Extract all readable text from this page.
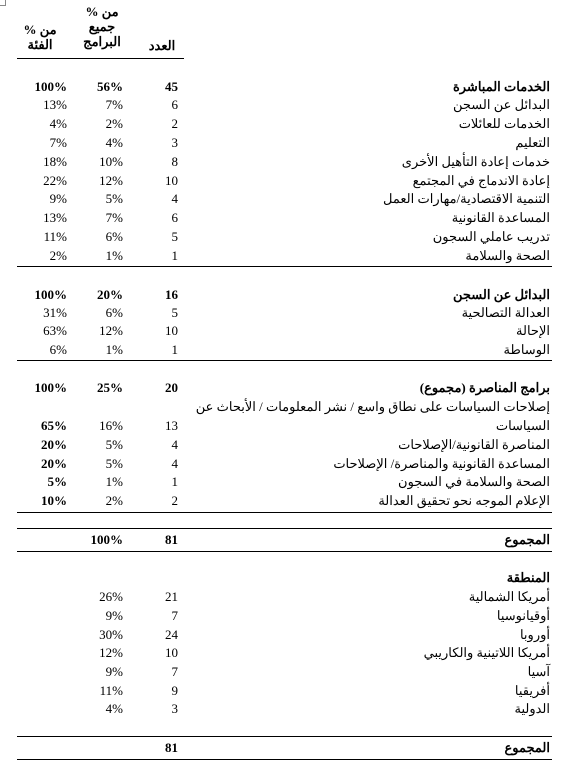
% من الفئة
% من جميع البرامج	العدد
الخدمات المباشرة
45
56%
100%
البدائل عن السجن
6
7%
13%
الخدمات للعائلات
2
2%
4%
التعليم
3
4%
7%
خدمات إعادة التأهيل الأخرى
8
10%
18%
إعادة الاندماج في المجتمع
10
12%
22%
التنمية الاقتصادية/مهارات العمل
4
5%
9%
المساعدة القانونية
6
7%
13%
تدريب عاملي السجون
5
6%
11%
الصحة والسلامة
1
1%
2%
البدائل عن السجن
16
20%
100%
العدالة التصالحية
5
6%
31%
الإحالة
10
12%
63%
الوساطة
1
1%
6%
برامج المناصرة (مجموع)
20
25%
100%
إصلاحات السياسات على نطاق واسع / نشر المعلومات / الأبحاث عن
السياسات
13
16%
65%
المناصرة القانونية/الإصلاحات
4
5%
20%
المساعدة القانونية والمناصرة/ الإصلاحات
4
5%
20%
الصحة والسلامة في السجون
1
1%
5%
الإعلام الموجه نحو تحقيق العدالة
2
2%
10%
المجموع
81
100%
المنطقة
أمريكا الشمالية
21
26%
أوقيانوسيا
7
9%
أوروبا
24
30%
أمريكا اللاتينية والكاريبي
10
12%
آسيا
7
9%
أفريقيا
9
11%
الدولية
3
4%
المجموع
81
